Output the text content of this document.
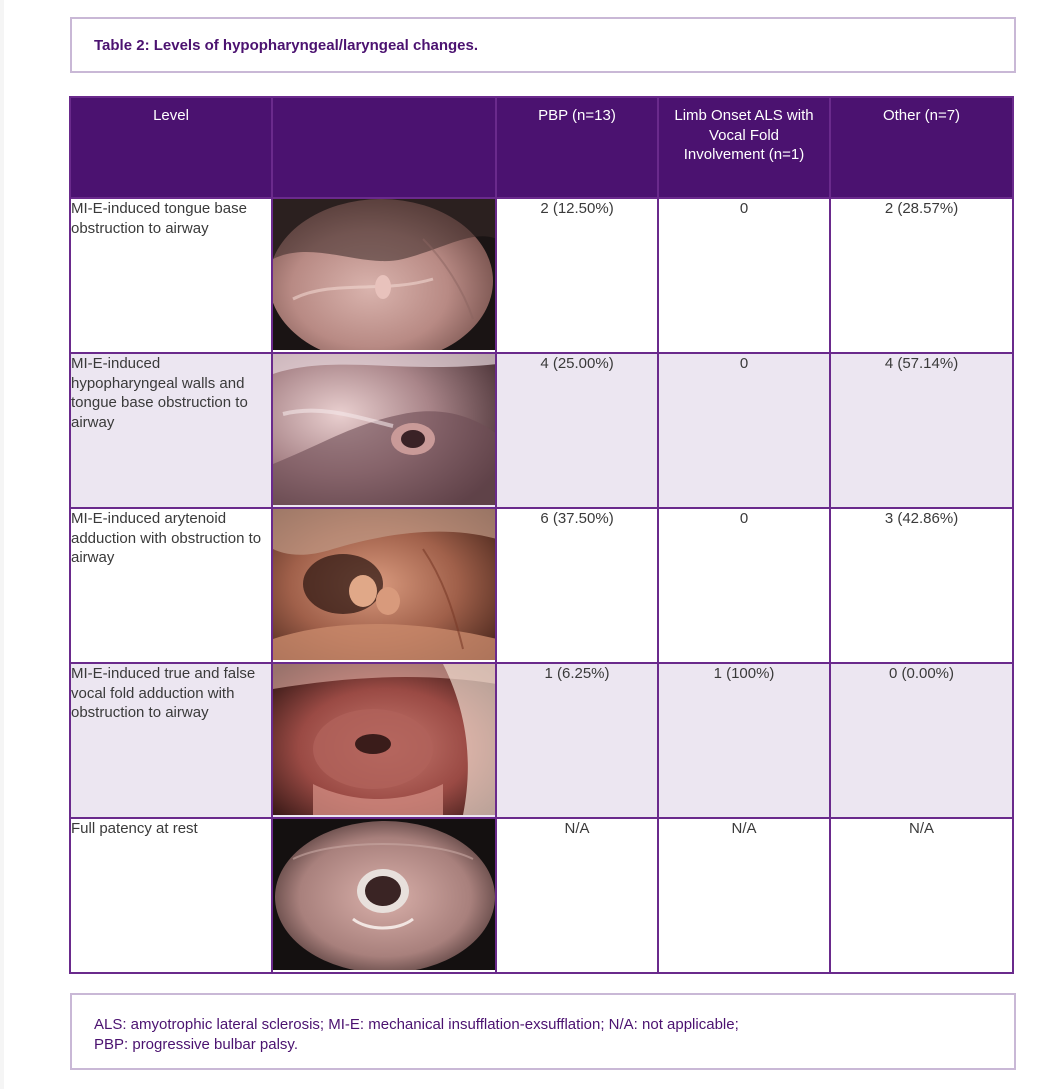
Table 2: Levels of hypopharyngeal/laryngeal changes.
Level		PBP (n=13)	Limb Onset ALS with Vocal Fold Involvement (n=1)	Other (n=7)
MI-E-induced tongue base obstruction to airway		2 (12.50%)	0	2 (28.57%)
MI-E-induced hypopharyngeal walls and tongue base obstruction to airway		4 (25.00%)	0	4 (57.14%)
MI-E-induced arytenoid adduction with obstruction to airway		6 (37.50%)	0	3 (42.86%)
MI-E-induced true and false vocal fold adduction with obstruction to airway		1 (6.25%)	1 (100%)	0 (0.00%)
Full patency at rest		N/A	N/A	N/A
ALS: amyotrophic lateral sclerosis; MI-E: mechanical insufflation-exsufflation; N/A: not applicable;
PBP: progressive bulbar palsy.
